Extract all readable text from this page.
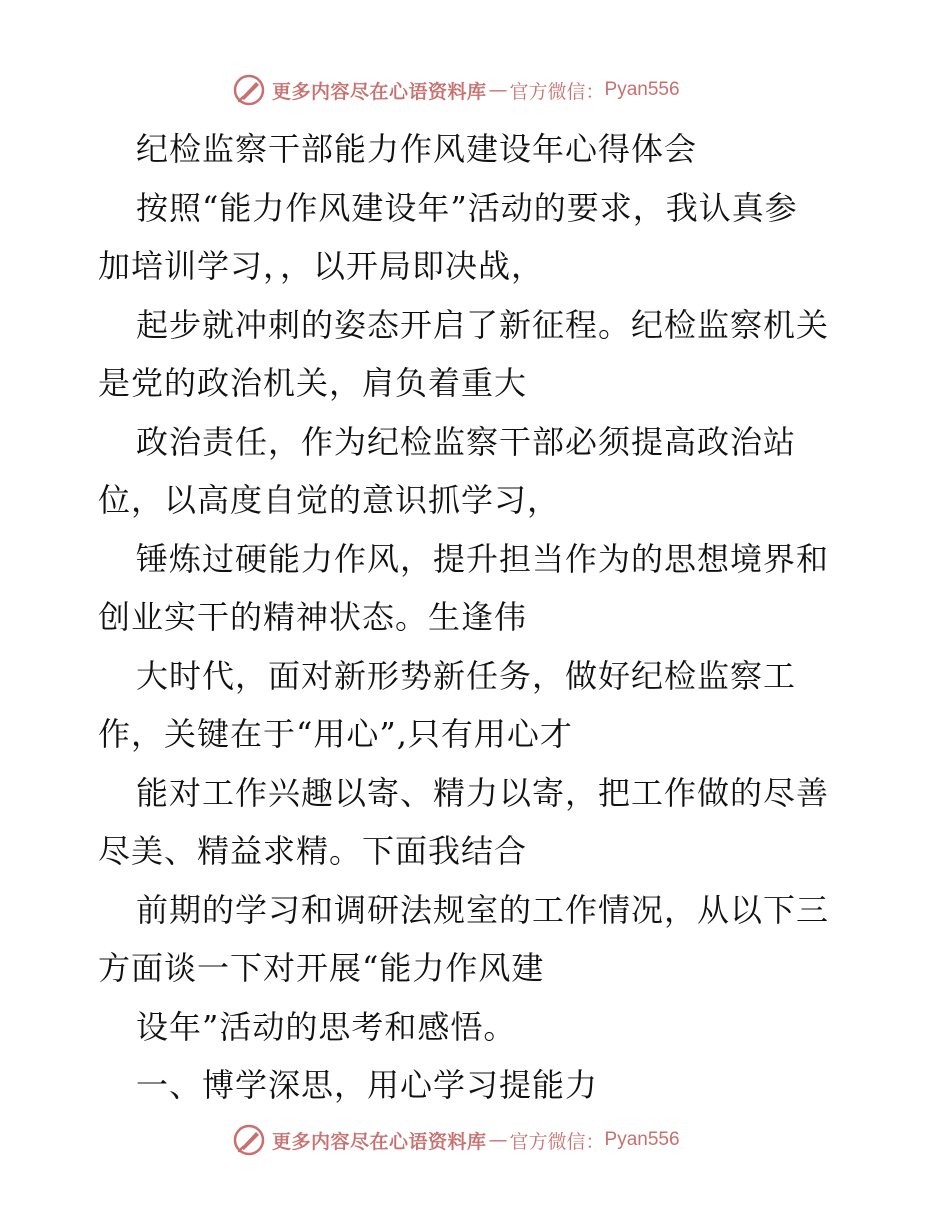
更多内容尽在心语资料库 — 官方微信： Pyan556
纪检监察干部能力作风建设年心得体会
按照“能力作风建设年”活动的要求，我认真参
加培训学习，，以开局即决战，
起步就冲刺的姿态开启了新征程。纪检监察机关
是党的政治机关，肩负着重大
政治责任，作为纪检监察干部必须提高政治站
位，以高度自觉的意识抓学习，
锤炼过硬能力作风，提升担当作为的思想境界和
创业实干的精神状态。生逢伟
大时代，面对新形势新任务，做好纪检监察工
作，关键在于“用心”,只有用心才
能对工作兴趣以寄、精力以寄，把工作做的尽善
尽美、精益求精。下面我结合
前期的学习和调研法规室的工作情况，从以下三
方面谈一下对开展“能力作风建
设年”活动的思考和感悟。
一、博学深思，用心学习提能力
更多内容尽在心语资料库 — 官方微信： Pyan556
